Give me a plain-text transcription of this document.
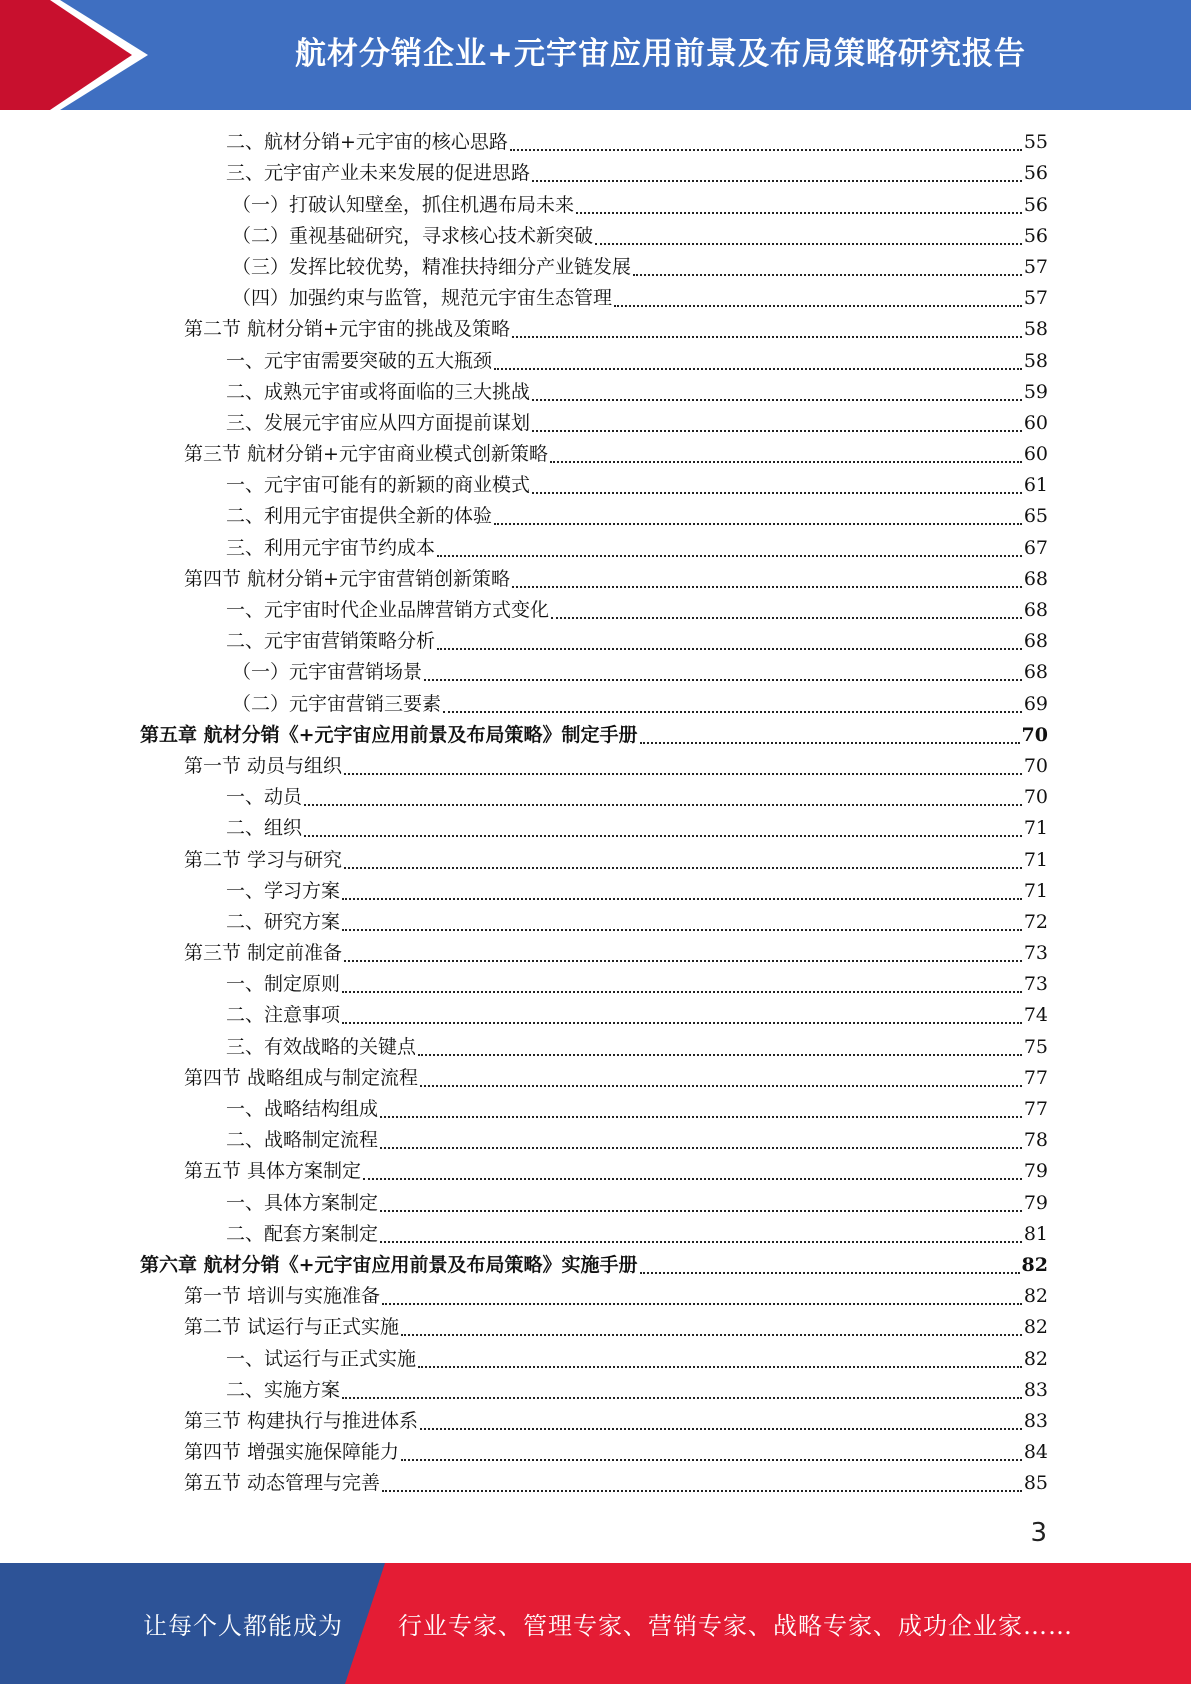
航材分销企业+元宇宙应用前景及布局策略研究报告
二、航材分销+元宇宙的核心思路	55
三、元宇宙产业未来发展的促进思路	56
（一）打破认知壁垒，抓住机遇布局未来	56
（二）重视基础研究，寻求核心技术新突破	56
（三）发挥比较优势，精准扶持细分产业链发展	57
（四）加强约束与监管，规范元宇宙生态管理	57
第二节 航材分销+元宇宙的挑战及策略	58
一、元宇宙需要突破的五大瓶颈	58
二、成熟元宇宙或将面临的三大挑战	59
三、发展元宇宙应从四方面提前谋划	60
第三节 航材分销+元宇宙商业模式创新策略	60
一、元宇宙可能有的新颖的商业模式	61
二、利用元宇宙提供全新的体验	65
三、利用元宇宙节约成本	67
第四节 航材分销+元宇宙营销创新策略	68
一、元宇宙时代企业品牌营销方式变化	68
二、元宇宙营销策略分析	68
（一）元宇宙营销场景	68
（二）元宇宙营销三要素	69
第五章 航材分销《+元宇宙应用前景及布局策略》制定手册	70
第一节 动员与组织	70
一、动员	70
二、组织	71
第二节 学习与研究	71
一、学习方案	71
二、研究方案	72
第三节 制定前准备	73
一、制定原则	73
二、注意事项	74
三、有效战略的关键点	75
第四节 战略组成与制定流程	77
一、战略结构组成	77
二、战略制定流程	78
第五节 具体方案制定	79
一、具体方案制定	79
二、配套方案制定	81
第六章 航材分销《+元宇宙应用前景及布局策略》实施手册	82
第一节 培训与实施准备	82
第二节 试运行与正式实施	82
一、试运行与正式实施	82
二、实施方案	83
第三节 构建执行与推进体系	83
第四节 增强实施保障能力	84
第五节 动态管理与完善	85
3
让每个人都能成为 行业专家、管理专家、营销专家、战略专家、成功企业家……
